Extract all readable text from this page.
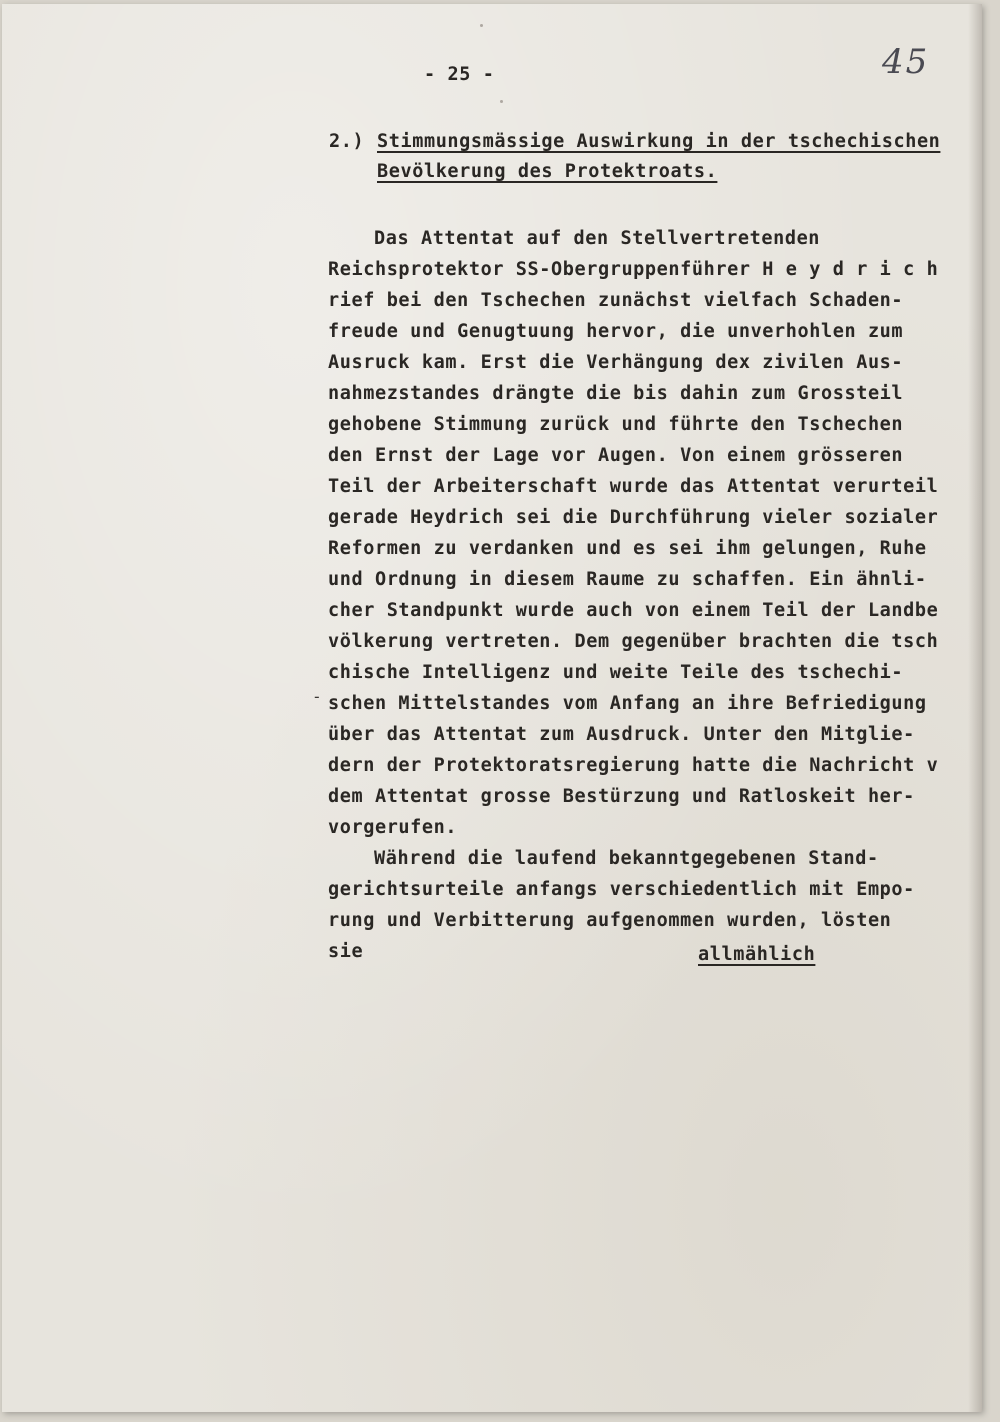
- 25 -	45
2.) Stimmungsmässige Auswirkung in der tschechischen
Bevölkerung des Protektroats.
-
Das Attentat auf den Stellvertretenden
Reichsprotektor SS-Obergruppenführer H e y d r i c h
rief bei den Tschechen zunächst vielfach Schaden-
freude und Genugtuung hervor, die unverhohlen zum
Ausruck kam. Erst die Verhängung dex zivilen Aus-
nahmezstandes drängte die bis dahin zum Grossteil
gehobene Stimmung zurück und führte den Tschechen
den Ernst der Lage vor Augen. Von einem grösseren
Teil der Arbeiterschaft wurde das Attentat verurteil
gerade Heydrich sei die Durchführung vieler sozialer
Reformen zu verdanken und es sei ihm gelungen, Ruhe
und Ordnung in diesem Raume zu schaffen. Ein ähnli-
cher Standpunkt wurde auch von einem Teil der Landbe
völkerung vertreten. Dem gegenüber brachten die tsch
chische Intelligenz und weite Teile des tschechi-
schen Mittelstandes vom Anfang an ihre Befriedigung
über das Attentat zum Ausdruck. Unter den Mitglie-
dern der Protektoratsregierung hatte die Nachricht v
dem Attentat grosse Bestürzung und Ratloskeit her-
vorgerufen.
Während die laufend bekanntgegebenen Stand-
gerichtsurteile anfangs verschiedentlich mit Empo-
rung und Verbitterung aufgenommen wurden, lösten
sie	allmählich
